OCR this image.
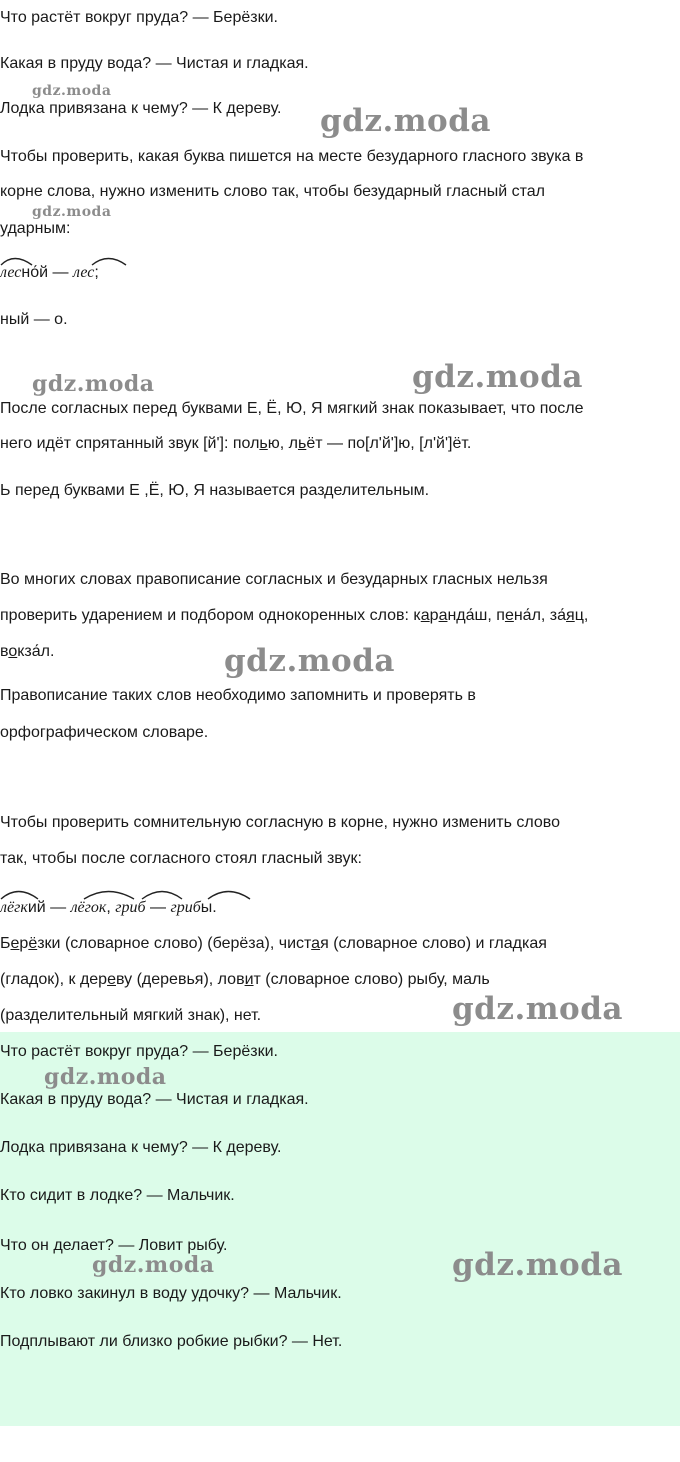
Что растёт вокруг пруда? — Берёзки.
Какая в пруду вода? — Чистая и гладкая.
Лодка привязана к чему? — К дереву.
Чтобы проверить, какая буква пишется на месте безударного гласного звука в
корне слова, нужно изменить слово так, чтобы безударный гласный стал
ударным:
лесно́й — лес;
ный — о.
После согласных перед буквами Е, Ё, Ю, Я мягкий знак показывает, что после
него идёт спрятанный звук [й']: полью, льёт — по[л'й']ю, [л'й']ёт.
Ь перед буквами Е ,Ё, Ю, Я называется разделительным.
Во многих словах правописание согласных и безударных гласных нельзя
проверить ударением и подбором однокоренных слов: каранда́ш, пена́л, за́яц,
вокза́л.
Правописание таких слов необходимо запомнить и проверять в
орфографическом словаре.
Чтобы проверить сомнительную согласную в корне, нужно изменить слово
так, чтобы после согласного стоял гласный звук:
лёгкий — лёгок, гриб — грибы.
Берёзки (словарное слово) (берёза), чистая (словарное слово) и гладкая
(гладок), к дереву (деревья), ловит (словарное слово) рыбу, маль
(разделительный мягкий знак), нет.
Что растёт вокруг пруда? — Берёзки.
Какая в пруду вода? — Чистая и гладкая.
Лодка привязана к чему? — К дереву.
Кто сидит в лодке? — Мальчик.
Что он делает? — Ловит рыбу.
Кто ловко закинул в воду удочку? — Мальчик.
Подплывают ли близко робкие рыбки? — Нет.
gdz.moda
gdz.moda
gdz.moda
gdz.moda	gdz.moda
gdz.moda
gdz.moda
gdz.moda
gdz.moda	gdz.moda
